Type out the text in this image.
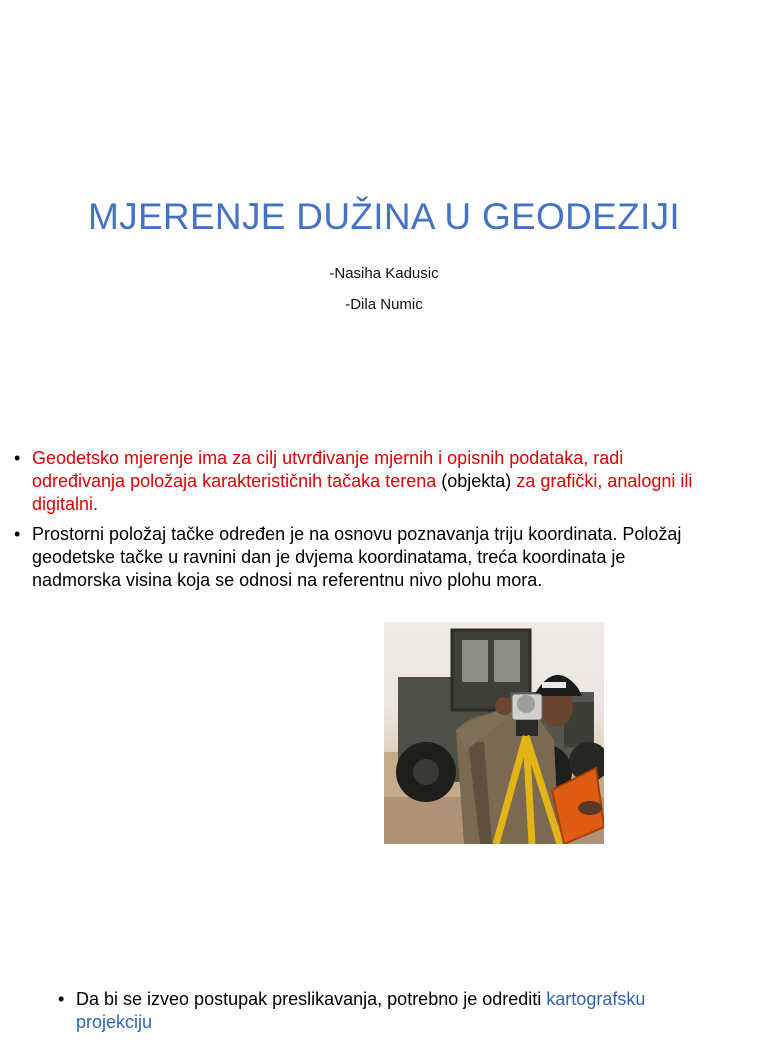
MJERENJE DUŽINA U GEODEZIJI
-Nasiha Kadusic
-Dila Numic
• Geodetsko mjerenje ima za cilj utvrđivanje mjernih i opisnih podataka, radi određivanja položaja karakterističnih tačaka terena (objekta) za grafički, analogni ili digitalni.
• Prostorni položaj tačke određen je na osnovu poznavanja triju koordinata. Položaj geodetske tačke u ravnini dan je dvjema koordinatama, treća koordinata je nadmorska visina koja se odnosi na referentnu nivo plohu mora.
• Da bi se izveo postupak preslikavanja, potrebno je odrediti kartografsku projekciju
